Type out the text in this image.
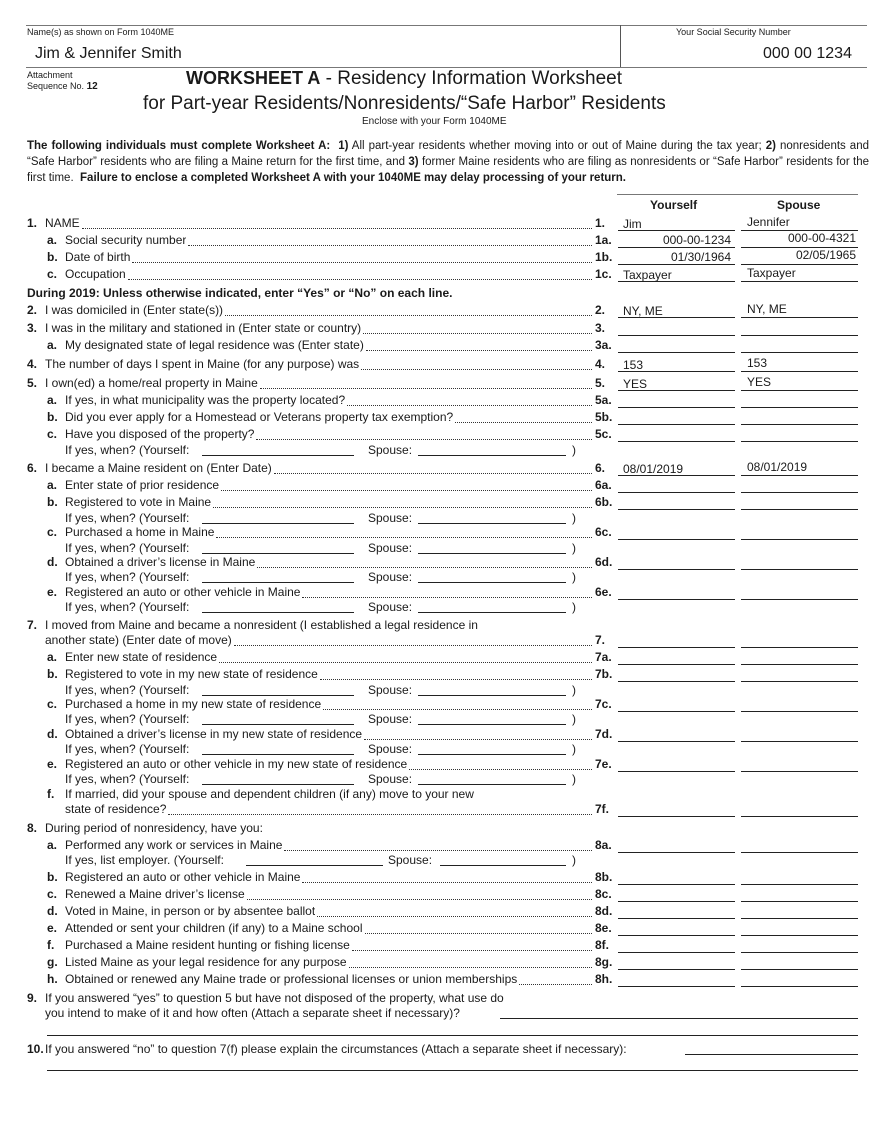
Name(s) as shown on Form 1040ME	Your Social Security Number
Jim & Jennifer Smith	000 00 1234
Attachment
Sequence No. 12	WORKSHEET A - Residency Information Worksheet
for Part-year Residents/Nonresidents/“Safe Harbor” Residents
Enclose with your Form 1040ME
The following individuals must complete Worksheet A: 1) All part-year residents whether moving into or out of Maine during the tax year; 2) nonresidents and “Safe Harbor” residents who are filing a Maine return for the first time, and 3) former Maine residents who are filing as nonresidents or “Safe Harbor” residents for the first time. Failure to enclose a completed Worksheet A with your 1040ME may delay processing of your return.
Yourself	Spouse
1. NAME	1. Jim	Jennifer
a. Social security number	1a.	000-00-1234	000-00-4321
b. Date of birth	1b.	01/30/1964	02/05/1965
c. Occupation	1c. Taxpayer	Taxpayer
During 2019: Unless otherwise indicated, enter “Yes” or “No” on each line.
2. I was domiciled in (Enter state(s))	2. NY, ME	NY, ME
3. I was in the military and stationed in (Enter state or country)	3.
a. My designated state of legal residence was (Enter state)	3a.
4. The number of days I spent in Maine (for any purpose) was	4. 153	153
5. I own(ed) a home/real property in Maine	5. YES	YES
a. If yes, in what municipality was the property located?	5a.
b. Did you ever apply for a Homestead or Veterans property tax exemption?	5b.
c. Have you disposed of the property?	5c.
If yes, when? (Yourself:	Spouse:	)
6. I became a Maine resident on (Enter Date)	6. 08/01/2019	08/01/2019
a. Enter state of prior residence	6a.
b. Registered to vote in Maine	6b.
If yes, when? (Yourself:	Spouse:	)
c. Purchased a home in Maine	6c.
If yes, when? (Yourself:	Spouse:	)
d. Obtained a driver’s license in Maine	6d.
If yes, when? (Yourself:	Spouse:	)
e. Registered an auto or other vehicle in Maine	6e.
If yes, when? (Yourself:	Spouse:	)
7. I moved from Maine and became a nonresident (I established a legal residence in
another state) (Enter date of move)	7.
a. Enter new state of residence	7a.
b. Registered to vote in my new state of residence	7b.
If yes, when? (Yourself:	Spouse:	)
c. Purchased a home in my new state of residence	7c.
If yes, when? (Yourself:	Spouse:	)
d. Obtained a driver’s license in my new state of residence	7d.
If yes, when? (Yourself:	Spouse:	)
e. Registered an auto or other vehicle in my new state of residence	7e.
If yes, when? (Yourself:	Spouse:	)
f. If married, did your spouse and dependent children (if any) move to your new
state of residence?	7f.
8. During period of nonresidency, have you:
a. Performed any work or services in Maine	8a.
If yes, list employer. (Yourself:	Spouse:	)
b. Registered an auto or other vehicle in Maine	8b.
c. Renewed a Maine driver’s license	8c.
d. Voted in Maine, in person or by absentee ballot	8d.
e. Attended or sent your children (if any) to a Maine school	8e.
f. Purchased a Maine resident hunting or fishing license	8f.
g. Listed Maine as your legal residence for any purpose	8g.
h. Obtained or renewed any Maine trade or professional licenses or union memberships	8h.
9. If you answered “yes” to question 5 but have not disposed of the property, what use do
you intend to make of it and how often (Attach a separate sheet if necessary)?
10. If you answered “no” to question 7(f) please explain the circumstances (Attach a separate sheet if necessary):
